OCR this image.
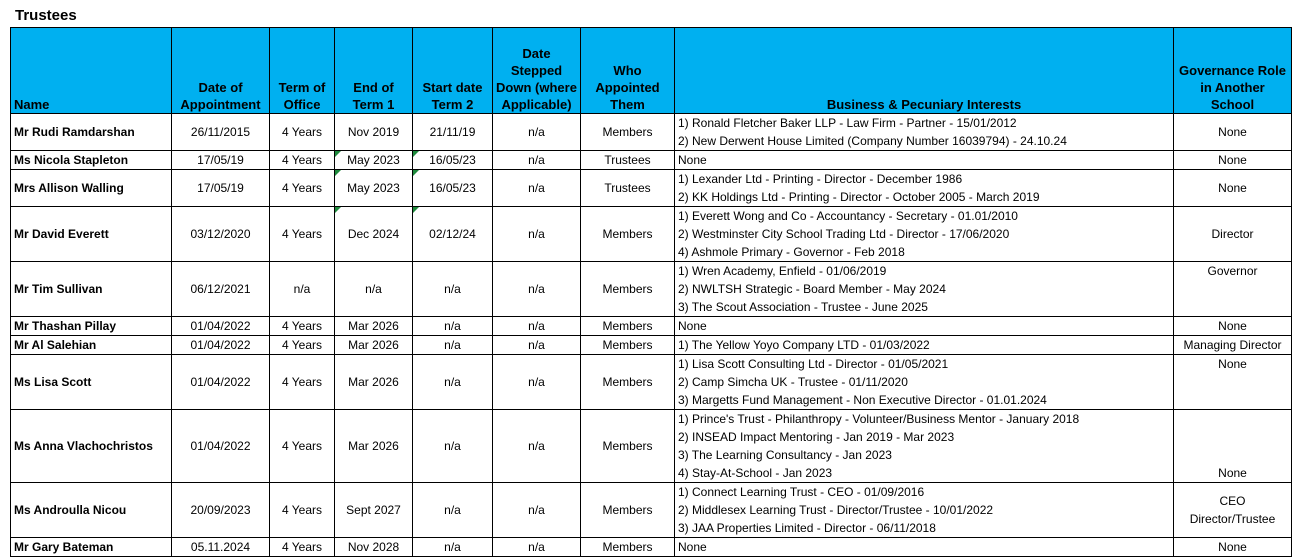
Trustees
Name	Date of Appointment	Term of Office	End of Term 1	Start date Term 2	Date Stepped Down (where Applicable)	Who Appointed Them	Business & Pecuniary Interests	Governance Role in Another School
Mr Rudi Ramdarshan	26/11/2015	4 Years	Nov 2019	21/11/19	n/a	Members	1) Ronald Fletcher Baker LLP - Law Firm - Partner - 15/01/2012
2) New Derwent House Limited (Company Number 16039794) - 24.10.24	None
Ms Nicola Stapleton	17/05/19	4 Years	May 2023	16/05/23	n/a	Trustees	None	None
Mrs Allison Walling	17/05/19	4 Years	May 2023	16/05/23	n/a	Trustees	1) Lexander Ltd - Printing - Director - December 1986
2) KK Holdings Ltd - Printing - Director - October 2005 - March 2019	None
Mr David Everett	03/12/2020	4 Years	Dec 2024	02/12/24	n/a	Members	1) Everett Wong and Co - Accountancy - Secretary - 01.01/2010
2) Westminster City School Trading Ltd - Director - 17/06/2020
4) Ashmole Primary - Governor - Feb 2018	Director
Mr Tim Sullivan	06/12/2021	n/a	n/a	n/a	n/a	Members	1) Wren Academy, Enfield - 01/06/2019
2) NWLTSH Strategic - Board Member - May 2024
3) The Scout Association - Trustee - June 2025	Governor
Mr Thashan Pillay	01/04/2022	4 Years	Mar 2026	n/a	n/a	Members	None	None
Mr Al Salehian	01/04/2022	4 Years	Mar 2026	n/a	n/a	Members	1) The Yellow Yoyo Company LTD - 01/03/2022	Managing Director
Ms Lisa Scott	01/04/2022	4 Years	Mar 2026	n/a	n/a	Members	1) Lisa Scott Consulting Ltd - Director - 01/05/2021
2) Camp Simcha UK - Trustee - 01/11/2020
3) Margetts Fund Management - Non Executive Director - 01.01.2024	None
Ms Anna Vlachochristos	01/04/2022	4 Years	Mar 2026	n/a	n/a	Members	1) Prince's Trust - Philanthropy - Volunteer/Business Mentor - January 2018
2) INSEAD Impact Mentoring - Jan 2019 - Mar 2023
3) The Learning Consultancy - Jan 2023
4) Stay-At-School - Jan 2023	None
Ms Androulla Nicou	20/09/2023	4 Years	Sept 2027	n/a	n/a	Members	1) Connect Learning Trust - CEO - 01/09/2016
2) Middlesex Learning Trust - Director/Trustee - 10/01/2022
3) JAA Properties Limited - Director - 06/11/2018	CEO Director/Trustee
Mr Gary Bateman	05.11.2024	4 Years	Nov 2028	n/a	n/a	Members	None	None
